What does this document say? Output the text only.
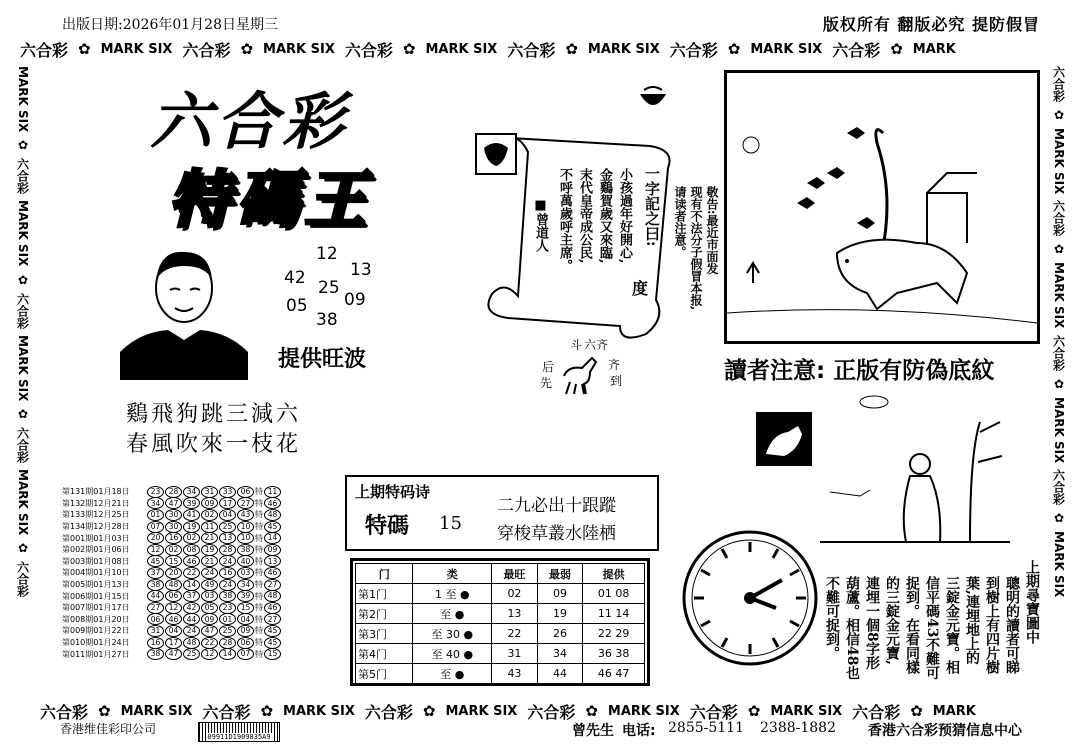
出版日期:2026年01月28日星期三	版权所有 翻版必究 提防假冒
六合彩 ✿ MARK SIX 六合彩 ✿ MARK SIX 六合彩 ✿ MARK SIX 六合彩 ✿ MARK SIX 六合彩 ✿ MARK SIX 六合彩 ✿ MARK
六合彩 ✿ MARK SIX 六合彩 ✿ MARK SIX 六合彩 ✿ MARK SIX 六合彩 ✿ MARK SIX 六合彩 ✿ MARK SIX 六合彩 ✿ MARK
MARK SIX
✿
六合彩
MARK SIX
✿
六合彩
MARK SIX
✿
六合彩
MARK SIX
✿
六合彩
六合彩
✿
MARK SIX
六合彩
✿
MARK SIX
六合彩
✿
MARK SIX
六合彩
✿
MARK SIX
六合彩
特碼王
12
42	13
25
05 09
38
提供旺波
鷄飛狗跳三減六
春風吹來一枝花
小孩過年好開心,
金鷄賀歲又來臨,
末代皇帝成公民,
不呼萬歲呼主席。
■曾道人	一字記之曰:
度
敬告:最近市面发
现有不法分子假冒本报,
请读者注意。
斗 六 齐
齐
到
后
先	讀者注意: 正版有防偽底紋
上期特码诗
特碼 15
二九必出十跟蹤
穿梭草叢水陸栖
门	类	最旺	最弱	提供
第1门	1 至 ●	02	09	01 08
第2门	至 ●	13	19	11 14
第3门	至 30 ●	22	26	22 29
第4门	至 40 ●	31	34	36 38
第5门	至 ●	43	44	46 47
上期尋寶圖中
聰明的讀者可睇
到樹上有四片樹
葉,連埋地上的
三錠金元寶。相
信平碼43不難可
捉到。在看同樣
的三錠金元寶,
連埋一個8字形
葫蘆。相信48也
不難可捉到。
第131期01月18日	23	28	34	31	33	06 特 11
第132期12月21日	34	47	39	09	17	27 特 46
第133期12月25日	01	30	41	02	04	43 特 48
第134期12月28日	07	30	19	11	25	10 特 45
第001期01月03日	20	16	02	21	13	10 特 14
第002期01月06日	12	02	08	19	28	38 特 09
第003期01月08日	45	15	46	21	24	40 特 13
第004期01月10日	37	20	22	24	16	03 特 46
第005期01月13日	38	48	14	49	24	34 特 27
第006期01月15日	44	06	37	03	38	39 特 48
第007期01月17日	27	12	42	05	23	15 特 46
第008期01月20日	06	46	44	09	01	04 特 27
第009期01月22日	31	04	24	47	25	09 特 45
第010期01月24日	16	17	48	22	28	06 特 45
第011期01月27日	38	47	25	12	14	07 特 15
香港维佳彩印公司
09911D1909835A9	曾先生 电话: 2855-5111 2388-1882 香港六合彩预猜信息中心
